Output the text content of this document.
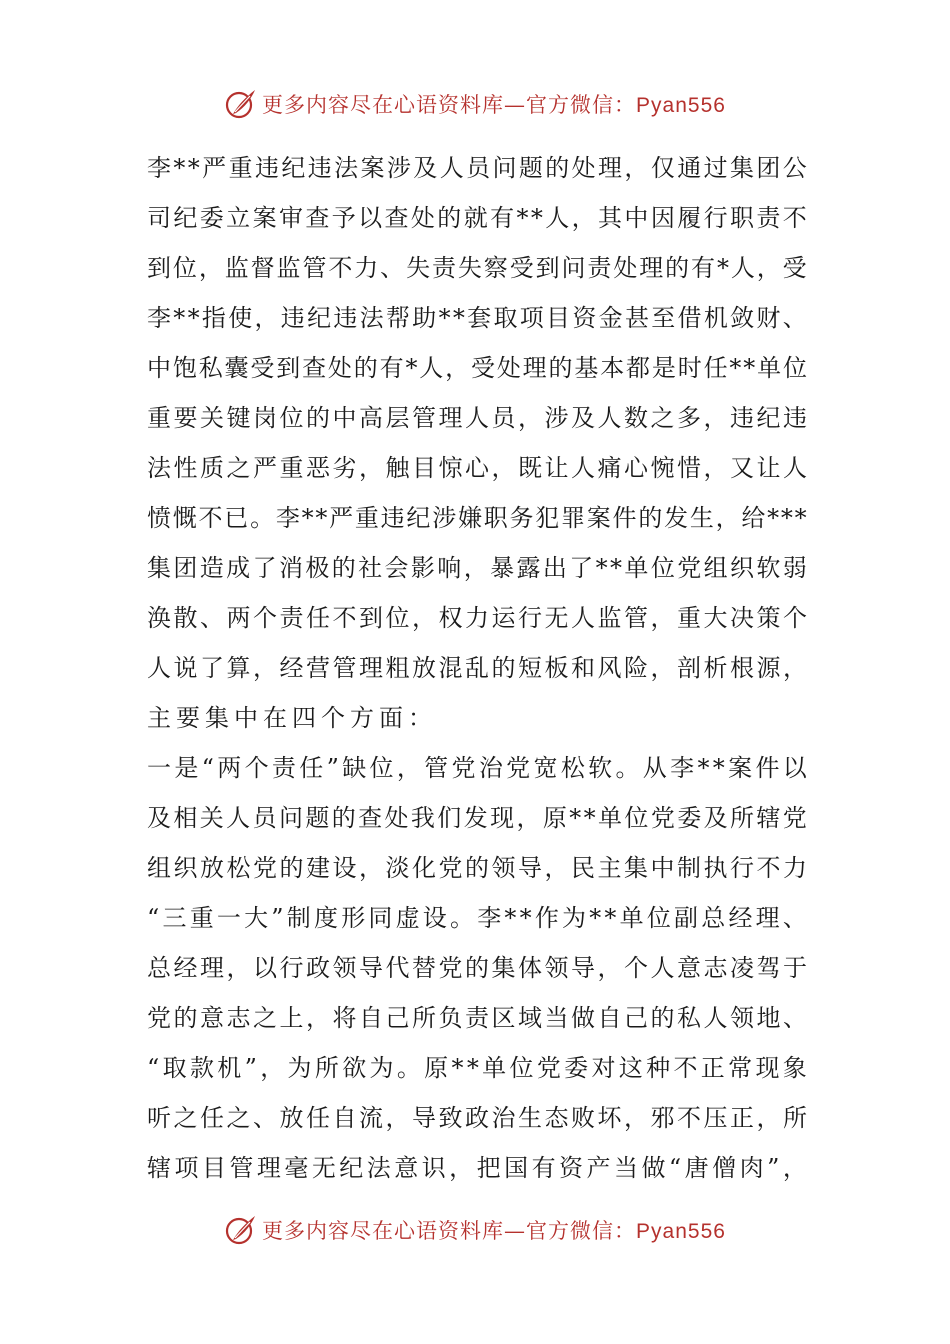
更多内容尽在心语资料库—官方微信：Pyan556
李 * * 严 重 违 纪 违 法 案 涉 及 人 员 问 题 的 处 理 ， 仅 通 过 集 团 公
司 纪 委 立 案 审 查 予 以 查 处 的 就 有 * * 人 ， 其 中 因 履 行 职 责 不
到 位 ， 监 督 监 管 不 力 、 失 责 失 察 受 到 问 责 处 理 的 有 * 人 ， 受
李 * * 指 使 ， 违 纪 违 法 帮 助 * * 套 取 项 目 资 金 甚 至 借 机 敛 财 、
中 饱 私 囊 受 到 查 处 的 有 * 人 ， 受 处 理 的 基 本 都 是 时 任 * * 单 位
重 要 关 键 岗 位 的 中 高 层 管 理 人 员 ， 涉 及 人 数 之 多 ， 违 纪 违
法 性 质 之 严 重 恶 劣 ， 触 目 惊 心 ， 既 让 人 痛 心 惋 惜 ， 又 让 人
愤 慨 不 已 。 李 * * 严 重 违 纪 涉 嫌 职 务 犯 罪 案 件 的 发 生 ， 给 * * *
集 团 造 成 了 消 极 的 社 会 影 响 ， 暴 露 出 了 * * 单 位 党 组 织 软 弱
涣 散 、 两 个 责 任 不 到 位 ， 权 力 运 行 无 人 监 管 ， 重 大 决 策 个
人 说 了 算 ， 经 营 管 理 粗 放 混 乱 的 短 板 和 风 险 ， 剖 析 根 源 ，
主要集中在四个方面：
一 是 “ 两 个 责 任 ” 缺 位 ， 管 党 治 党 宽 松 软 。 从 李 * * 案 件 以
及 相 关 人 员 问 题 的 查 处 我 们 发 现 ， 原 * * 单 位 党 委 及 所 辖 党
组 织 放 松 党 的 建 设 ， 淡 化 党 的 领 导 ， 民 主 集 中 制 执 行 不 力
“ 三 重 一 大 ” 制 度 形 同 虚 设 。 李 * * 作 为 * * 单 位 副 总 经 理 、
总 经 理 ， 以 行 政 领 导 代 替 党 的 集 体 领 导 ， 个 人 意 志 凌 驾 于
党 的 意 志 之 上 ， 将 自 己 所 负 责 区 域 当 做 自 己 的 私 人 领 地 、
“ 取 款 机 ” ， 为 所 欲 为 。 原 * * 单 位 党 委 对 这 种 不 正 常 现 象
听 之 任 之 、 放 任 自 流 ， 导 致 政 治 生 态 败 坏 ， 邪 不 压 正 ， 所
辖 项 目 管 理 毫 无 纪 法 意 识 ， 把 国 有 资 产 当 做 “ 唐 僧 肉 ” ，
更多内容尽在心语资料库—官方微信：Pyan556
